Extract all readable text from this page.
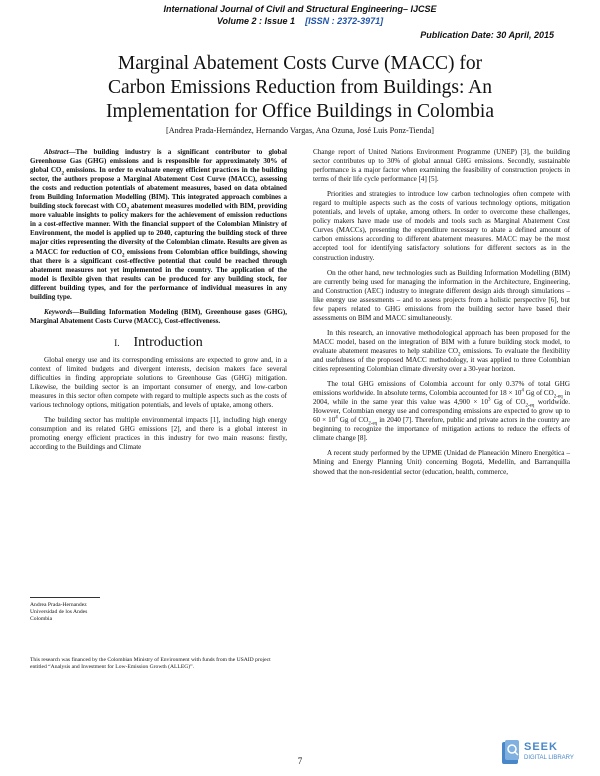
International Journal of Civil and Structural Engineering– IJCSE
Volume 2 : Issue 1 [ISSN : 2372-3971]
Publication Date: 30 April, 2015
Marginal Abatement Costs Curve (MACC) for
Carbon Emissions Reduction from Buildings: An
Implementation for Office Buildings in Colombia
[Andrea Prada-Hernández, Hernando Vargas, Ana Ozuna, José Luis Ponz-Tienda]

Abstract—The building industry is a significant contributor to global Greenhouse Gas (GHG) emissions and is responsible for approximately 30% of global $CO_2$ emissions. In order to evaluate energy efficient practices in the building sector, the authors propose a Marginal Abatement Cost Curve (MACC), assessing the costs and reduction potentials of abatement measures, based on data obtained from Building Information Modelling (BIM). This integrated approach combines a building stock forecast with $CO_2$ abatement measures modelled with BIM, providing more valuable insights to policy makers for the achievement of emission reductions in a cost-effective manner. With the financial support of the Colombian Ministry of Environment, the model is applied up to 2040, capturing the building stock of three major cities representing the diversity of the Colombian climate. Results are given as a MACC for reduction of $CO_2$ emissions from Colombian office buildings, showing that there is a significant cost-effective potential that could be reached through abatement measures not yet implemented in the country. The application of the model is flexible given that results can be produced for any building stock, for different building types, and for the performance of individual measures in any building type.

Keywords—Building Information Modeling (BIM), Greenhouse gases (GHG), Marginal Abatement Costs Curve (MACC), Cost-effectiveness.

I. Introduction

Global energy use and its corresponding emissions are expected to grow and, in a context of limited budgets and divergent interests, decision makers face several difficulties in finding appropriate solutions to Greenhouse Gas (GHG) mitigation. Likewise, the building sector is an important consumer of energy, and low-carbon measures in this sector often compete with regard to multiple aspects such as the costs of various technology options, mitigation potentials, and levels of uptake, among others.

The building sector has multiple environmental impacts [1], including high energy consumption and its related GHG emissions [2], and there is a global interest in promoting energy efficient practices in this industry for two main reasons: firstly, according to the Buildings and Climate

Andrea Prada-Hernandez
Universidad de los Andes
Colombia
This research was financed by the Colombian Ministry of Environment with funds from the USAID project entitled “Analysis and Investment for Low-Emission Growth (ALLEG)”.

Change report of United Nations Environment Programme (UNEP) [3], the building sector contributes up to 30% of global annual GHG emissions. Secondly, sustainable performance is a major factor when examining the feasibility of construction projects in terms of their life cycle performance [4] [5].

Priorities and strategies to introduce low carbon technologies often compete with regard to multiple aspects such as the costs of various technology options, mitigation potentials, and levels of uptake, among others. In order to overcome these challenges, policy makers have made use of models and tools such as Marginal Abatement Cost Curves (MACCs), presenting the expenditure necessary to abate a defined amount of carbon emissions according to different abatement measures. MACC may be the most accepted tool for identifying satisfactory solutions for different sectors as in the construction industry.

On the other hand, new technologies such as Building Information Modelling (BIM) are currently being used for managing the information in the Architecture, Engineering, and Construction (AEC) industry to integrate different design aids through simulations – like energy use assessments – and to assess projects from a holistic perspective [6], but few papers related to GHG emissions from the building sector have based their assessments on BIM and MACC simultaneously.

In this research, an innovative methodological approach has been proposed for the MACC model, based on the integration of BIM with a future building stock model, to evaluate abatement measures to help stabilize $CO_2$ emissions. To evaluate the flexibility and usefulness of the proposed MACC methodology, it was applied to three Colombian cities representing Colombian climate diversity over a 30-year horizon.

The total GHG emissions of Colombia account for only 0.37% of total GHG emissions worldwide. In absolute terms, Colombia accounted for $18 \times 10^4$ Gg of $CO_{2-eq}$ in 2004, while in the same year this value was $4,900 \times 10^3$ Gg of $CO_{2-eq}$ worldwide. However, Colombian energy use and corresponding emissions are expected to grow up to $60 \times 10^4$ Gg of $CO_{2-eq}$ in 2040 [7]. Therefore, public and private actors in the country are beginning to recognize the importance of mitigation actions to reduce the effects of climate change [8].

A recent study performed by the UPME (Unidad de Planeación Minero Energética – Mining and Energy Planning Unit) concerning Bogotá, Medellín, and Barranquilla showed that the non-residential sector (education, health, commerce,

7
SEEK
DIGITAL LIBRARY
